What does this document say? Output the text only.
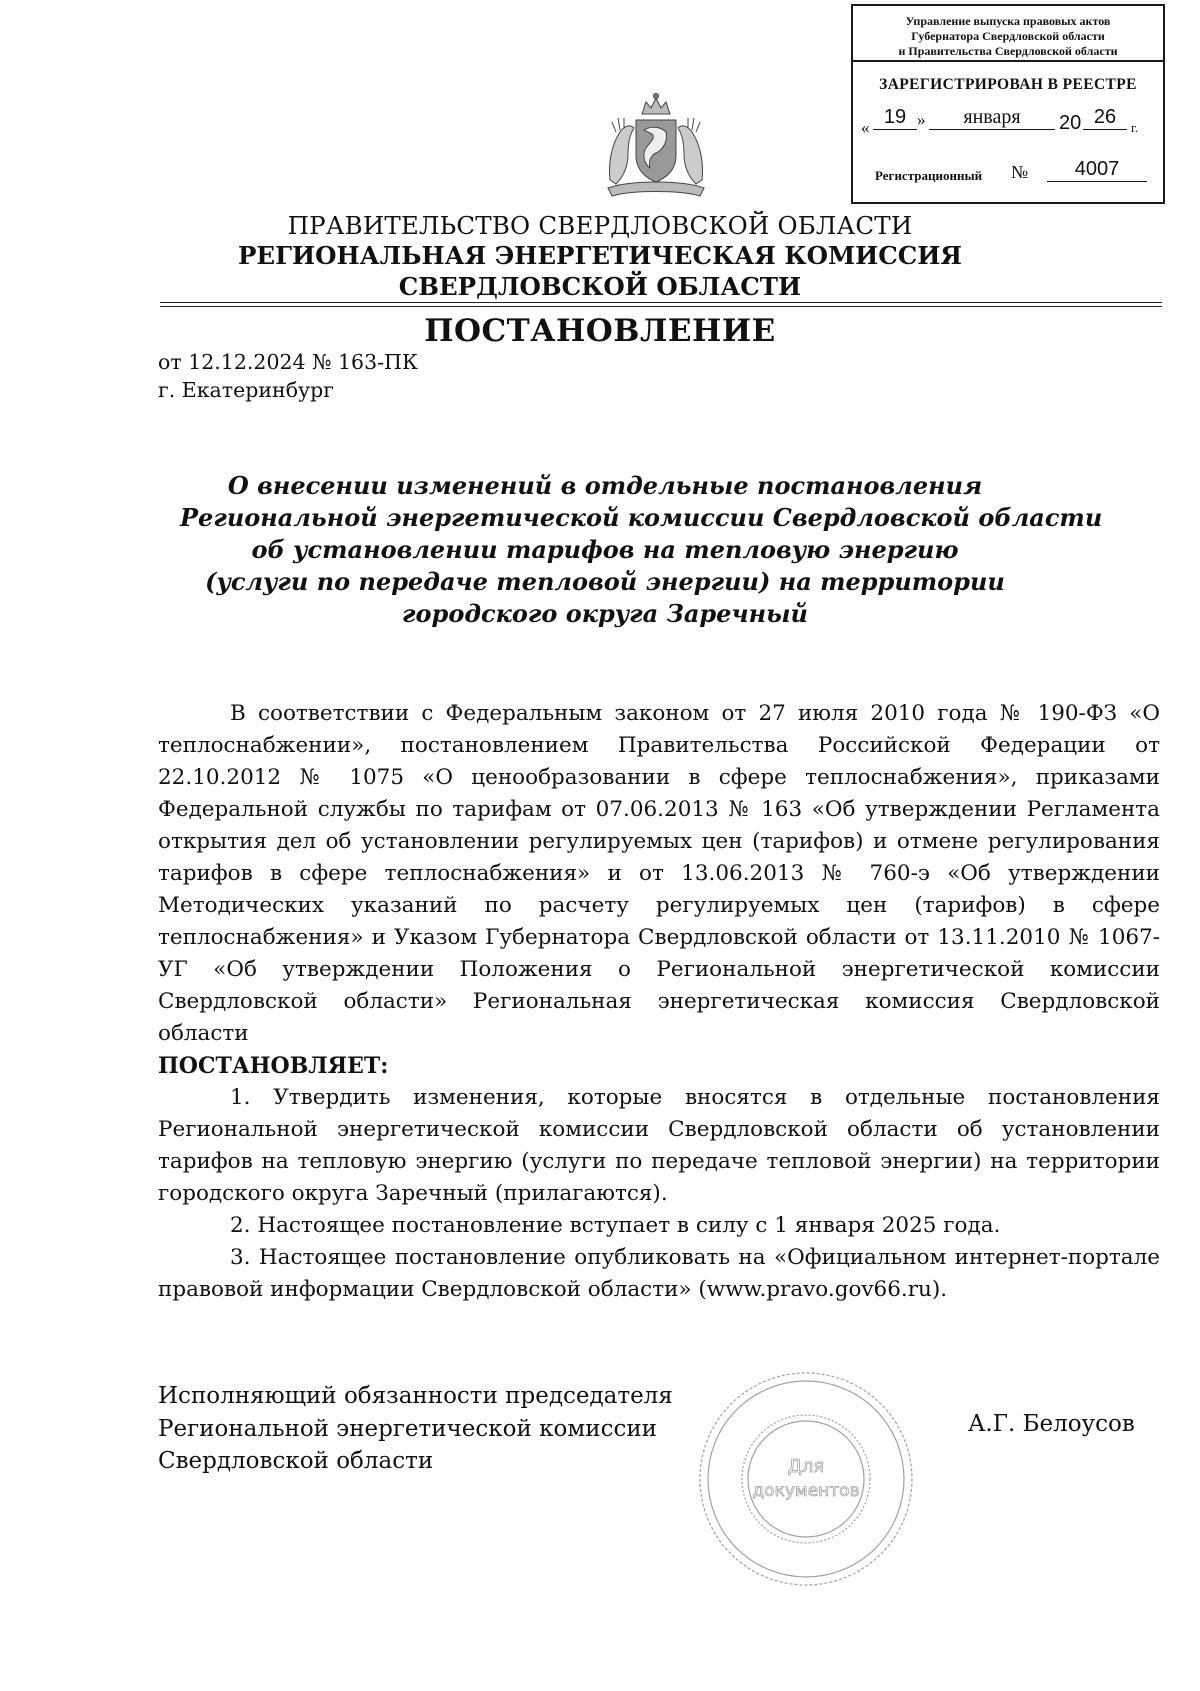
Управление выпуска правовых актов
Губернатора Свердловской области
и Правительства Свердловской области
ЗАРЕГИСТРИРОВАН В РЕЕСТРЕ
« 19 »	января	20 26	г.
Регистрационный №	4007
ПРАВИТЕЛЬСТВО СВЕРДЛОВСКОЙ ОБЛАСТИ
РЕГИОНАЛЬНАЯ ЭНЕРГЕТИЧЕСКАЯ КОМИССИЯ
СВЕРДЛОВСКОЙ ОБЛАСТИ
ПОСТАНОВЛЕНИЕ
от 12.12.2024 № 163-ПК
г. Екатеринбург
О внесении изменений в отдельные постановления
Региональной энергетической комиссии Свердловской области
об установлении тарифов на тепловую энергию
(услуги по передаче тепловой энергии) на территории
городского округа Заречный

В соответствии с Федеральным законом от 27 июля 2010 года № 190-ФЗ «О теплоснабжении», постановлением Правительства Российской Федерации от 22.10.2012 № 1075 «О ценообразовании в сфере теплоснабжения», приказами Федеральной службы по тарифам от 07.06.2013 № 163 «Об утверждении Регламента открытия дел об установлении регулируемых цен (тарифов) и отмене регулирования тарифов в сфере теплоснабжения» и от 13.06.2013 № 760-э «Об утверждении Методических указаний по расчету регулируемых цен (тарифов) в сфере теплоснабжения» и Указом Губернатора Свердловской области от 13.11.2010 № 1067-УГ «Об утверждении Положения о Региональной энергетической комиссии Свердловской области» Региональная энергетическая комиссия Свердловской области

ПОСТАНОВЛЯЕТ:

1. Утвердить изменения, которые вносятся в отдельные постановления Региональной энергетической комиссии Свердловской области об установлении тарифов на тепловую энергию (услуги по передаче тепловой энергии) на территории городского округа Заречный (прилагаются).

2. Настоящее постановление вступает в силу с 1 января 2025 года.

3. Настоящее постановление опубликовать на «Официальном интернет-портале правовой информации Свердловской области» (www.pravo.gov66.ru).

Исполняющий обязанности председателя
Региональной энергетической комиссии
Свердловской области	Для
документов
А.Г. Белоусов
